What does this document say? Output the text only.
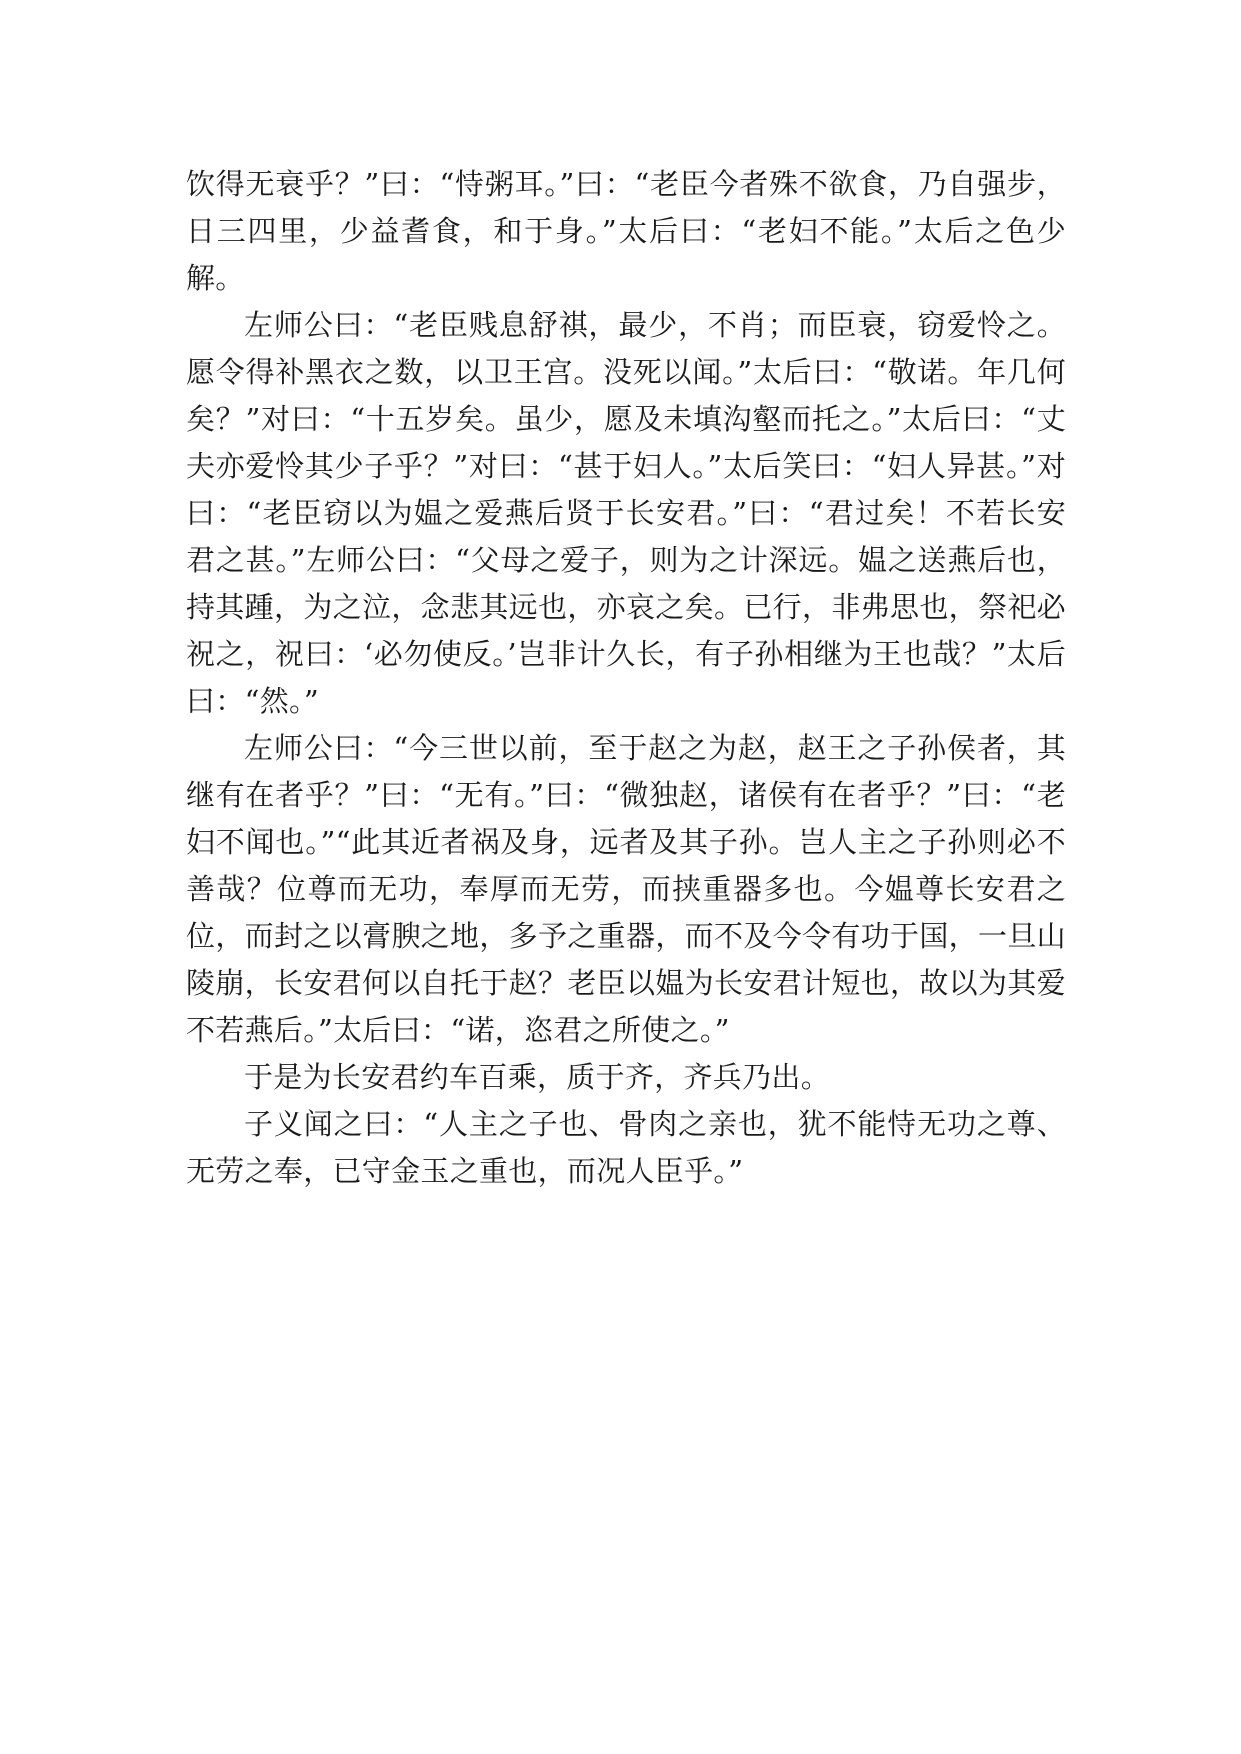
饮得无衰乎？”曰：“恃粥耳。”曰：“老臣今者殊不欲食，乃自强步，日三四里，少益耆食，和于身。”太后曰：“老妇不能。”太后之色少解。

左师公曰：“老臣贱息舒祺，最少，不肖；而臣衰，窃爱怜之。愿令得补黑衣之数，以卫王宫。没死以闻。”太后曰：“敬诺。年几何矣？”对曰：“十五岁矣。虽少，愿及未填沟壑而托之。”太后曰：“丈夫亦爱怜其少子乎？”对曰：“甚于妇人。”太后笑曰：“妇人异甚。”对曰：“老臣窃以为媪之爱燕后贤于长安君。”曰：“君过矣！不若长安君之甚。”左师公曰：“父母之爱子，则为之计深远。媪之送燕后也，持其踵，为之泣，念悲其远也，亦哀之矣。已行，非弗思也，祭祀必祝之，祝曰：‘必勿使反。’岂非计久长，有子孙相继为王也哉？”太后曰：“然。”

左师公曰：“今三世以前，至于赵之为赵，赵王之子孙侯者，其继有在者乎？”曰：“无有。”曰：“微独赵，诸侯有在者乎？”曰：“老妇不闻也。”“此其近者祸及身，远者及其子孙。岂人主之子孙则必不善哉？位尊而无功，奉厚而无劳，而挟重器多也。今媪尊长安君之位，而封之以膏腴之地，多予之重器，而不及今令有功于国，一旦山陵崩，长安君何以自托于赵？老臣以媪为长安君计短也，故以为其爱不若燕后。”太后曰：“诺，恣君之所使之。”

于是为长安君约车百乘，质于齐，齐兵乃出。

子义闻之曰：“人主之子也、骨肉之亲也，犹不能恃无功之尊、无劳之奉，已守金玉之重也，而况人臣乎。”
